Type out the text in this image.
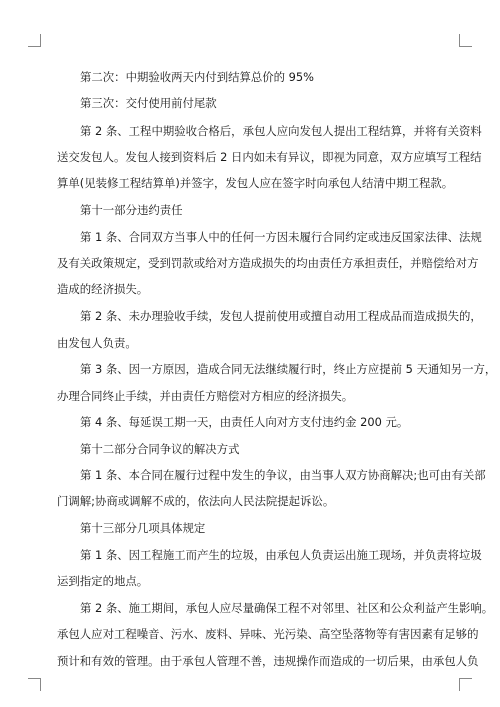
第二次：中期验收两天内付到结算总价的 95%
第三次：交付使用前付尾款
第 2 条、工程中期验收合格后，承包人应向发包人提出工程结算，并将有关资料
送交发包人。发包人接到资料后 2 日内如未有异议，即视为同意，双方应填写工程结
算单(见装修工程结算单)并签字，发包人应在签字时向承包人结清中期工程款。
第十一部分违约责任
第 1 条、合同双方当事人中的任何一方因未履行合同约定或违反国家法律、法规
及有关政策规定，受到罚款或给对方造成损失的均由责任方承担责任，并赔偿给对方
造成的经济损失。
第 2 条、未办理验收手续，发包人提前使用或擅自动用工程成品而造成损失的，
由发包人负责。
第 3 条、因一方原因，造成合同无法继续履行时，终止方应提前 5 天通知另一方，
办理合同终止手续，并由责任方赔偿对方相应的经济损失。
第 4 条、每延误工期一天，由责任人向对方支付违约金 200 元。
第十二部分合同争议的解决方式
第 1 条、本合同在履行过程中发生的争议，由当事人双方协商解决;也可由有关部
门调解;协商或调解不成的，依法向人民法院提起诉讼。
第十三部分几项具体规定
第 1 条、因工程施工而产生的垃圾，由承包人负责运出施工现场，并负责将垃圾
运到指定的地点。
第 2 条、施工期间，承包人应尽量确保工程不对邻里、社区和公众利益产生影响。
承包人应对工程噪音、污水、废料、异味、光污染、高空坠落物等有害因素有足够的
预计和有效的管理。由于承包人管理不善，违规操作而造成的一切后果，由承包人负
